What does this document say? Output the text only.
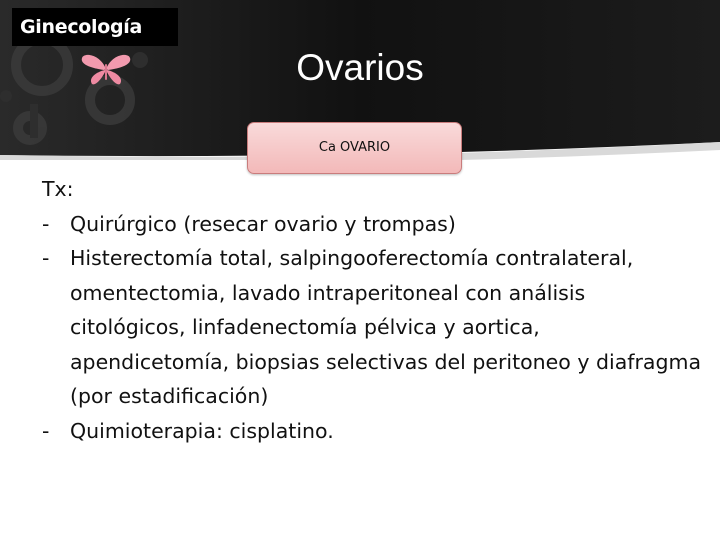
Ginecología
Ovarios
Ca OVARIO

Tx:

- Quirúrgico (resecar ovario y trompas)
- Histerectomía total, salpingooferectomía contralateral, omentectomia, lavado intraperitoneal con análisis citológicos, linfadenectomía pélvica y aortica, apendicetomía, biopsias selectivas del peritoneo y diafragma (por estadificación)
- Quimioterapia: cisplatino.
